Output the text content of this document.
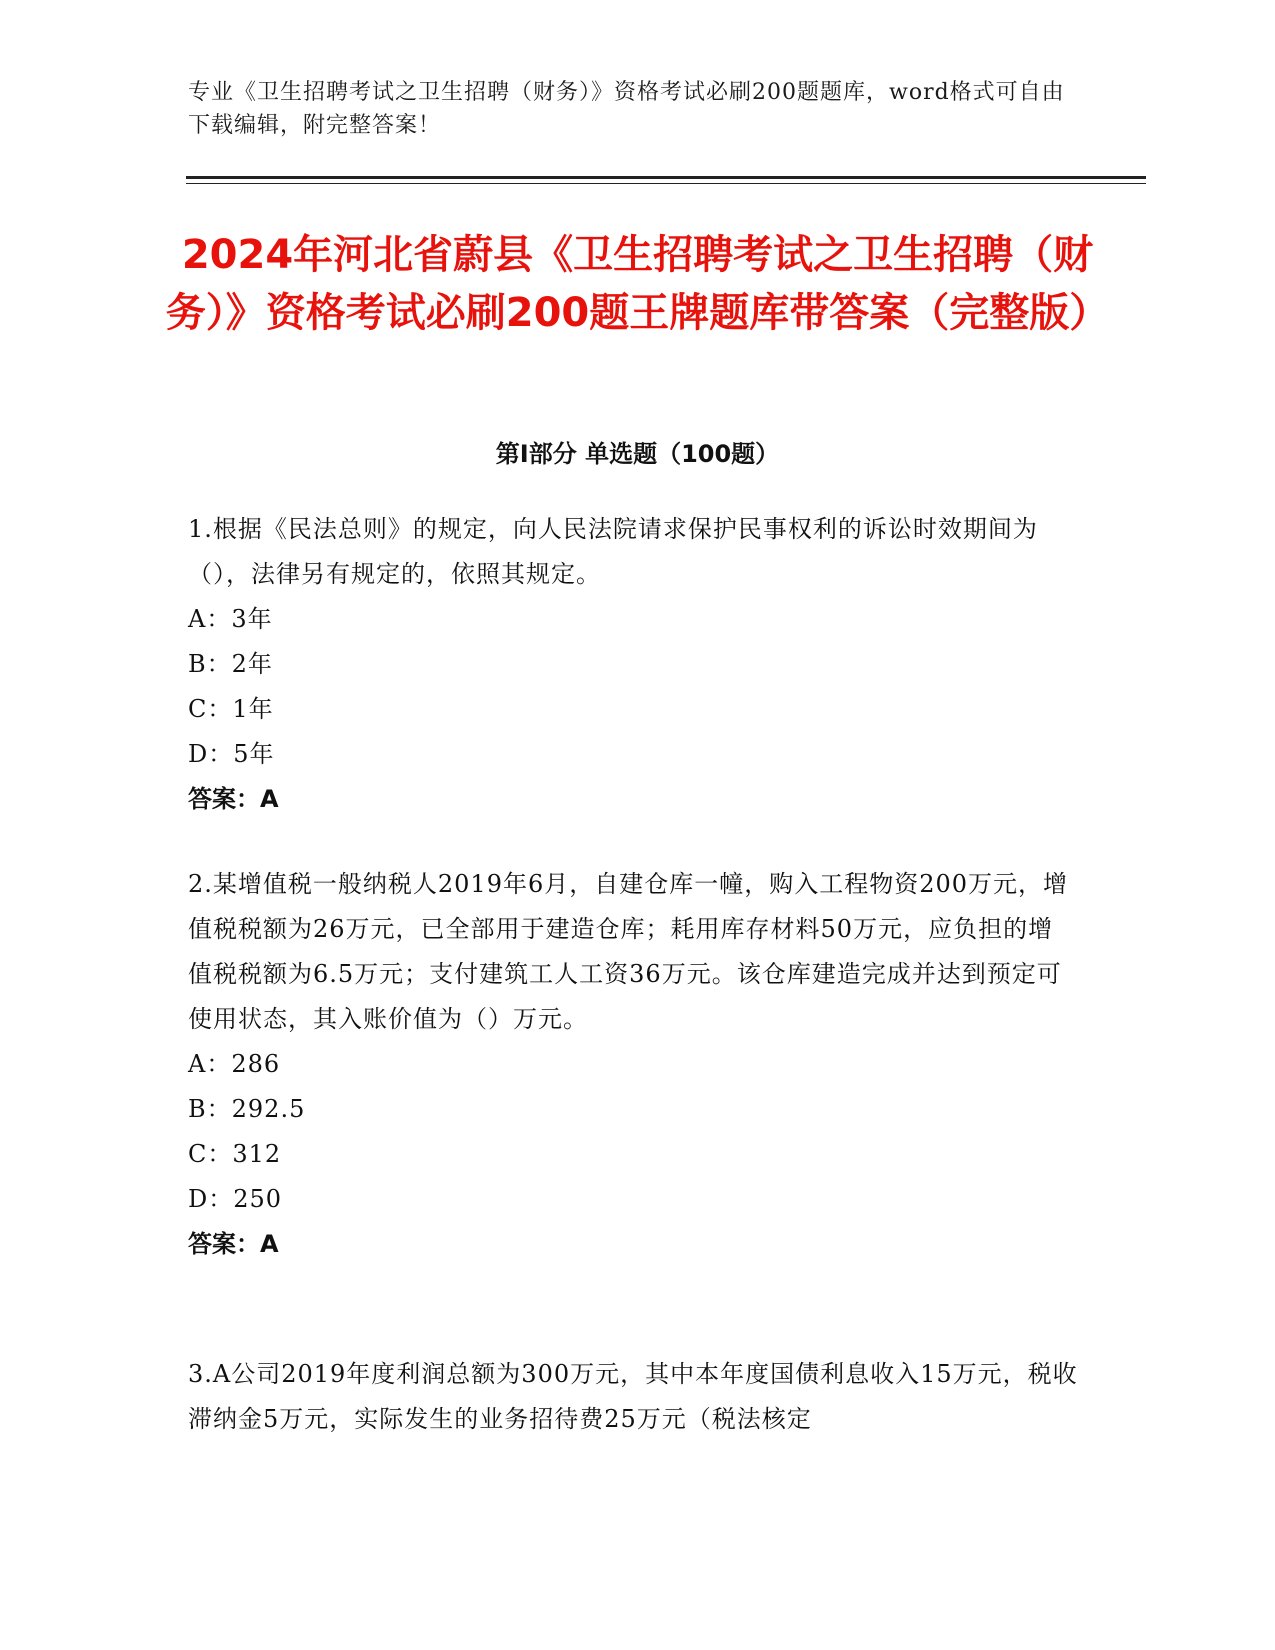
专业《卫生招聘考试之卫生招聘（财务）》资格考试必刷200题题库，word格式可自由下载编辑，附完整答案！
2024年河北省蔚县《卫生招聘考试之卫生招聘（财务）》资格考试必刷200题王牌题库带答案（完整版）
第Ⅰ部分 单选题（100题）
1.根据《民法总则》的规定，向人民法院请求保护民事权利的诉讼时效期间为（），法律另有规定的，依照其规定。
A：3年
B：2年
C：1年
D：5年
答案：A
2.某增值税一般纳税人2019年6月，自建仓库一幢，购入工程物资200万元，增值税税额为26万元，已全部用于建造仓库；耗用库存材料50万元，应负担的增值税税额为6.5万元；支付建筑工人工资36万元。该仓库建造完成并达到预定可使用状态，其入账价值为（）万元。
A：286
B：292.5
C：312
D：250
答案：A
3.A公司2019年度利润总额为300万元，其中本年度国债利息收入15万元，税收滞纳金5万元，实际发生的业务招待费25万元（税法核定
